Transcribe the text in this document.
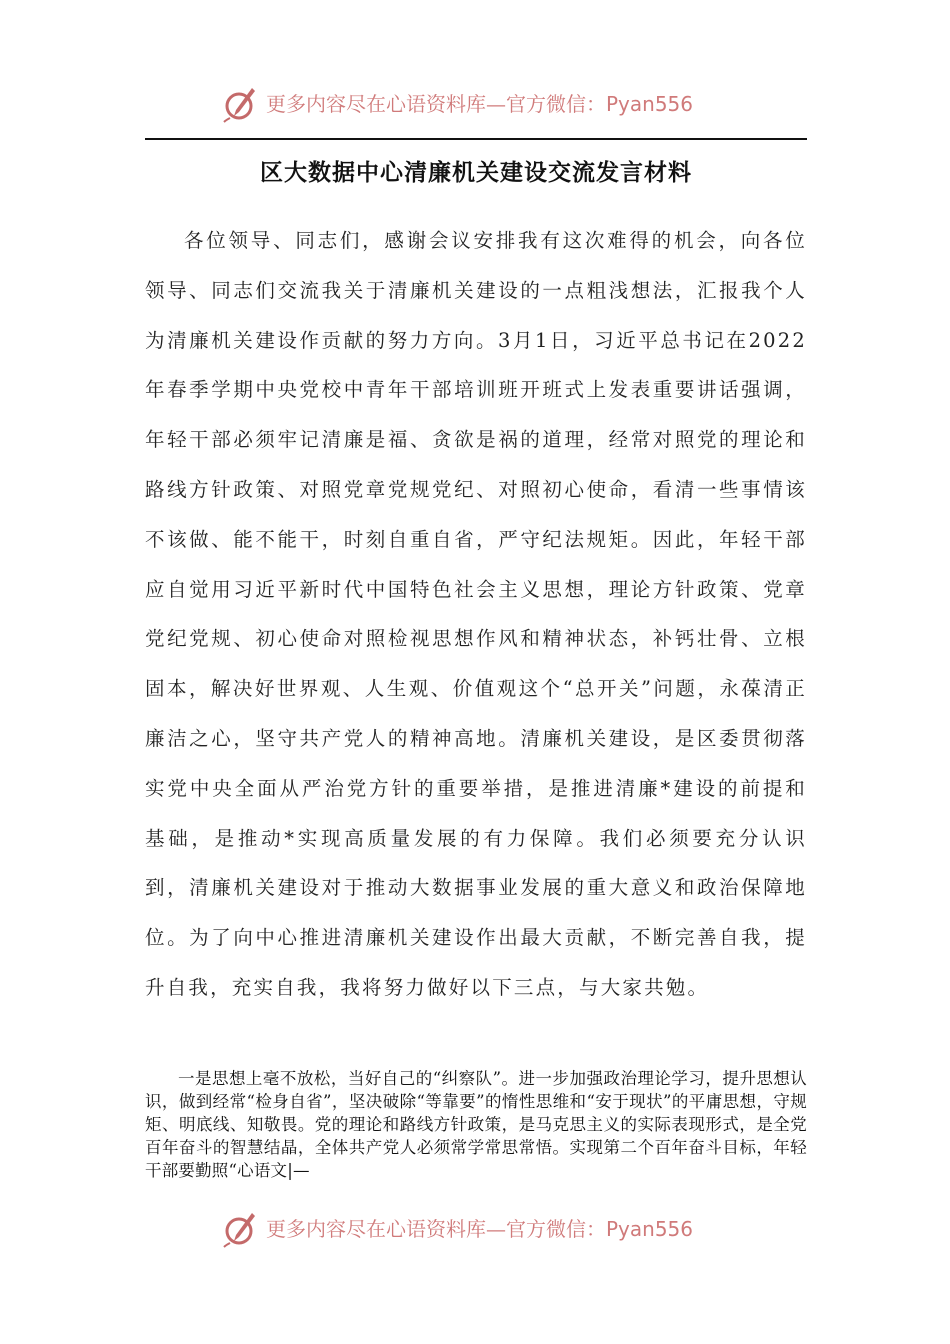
更多内容尽在心语资料库—官方微信：Pyan556
区大数据中心清廉机关建设交流发言材料

各位领导、同志们，感谢会议安排我有这次难得的机会，向各位领导、同志们交流我关于清廉机关建设的一点粗浅想法，汇报我个人为清廉机关建设作贡献的努力方向。3月1日，习近平总书记在2022年春季学期中央党校中青年干部培训班开班式上发表重要讲话强调，年轻干部必须牢记清廉是福、贪欲是祸的道理，经常对照党的理论和路线方针政策、对照党章党规党纪、对照初心使命，看清一些事情该不该做、能不能干，时刻自重自省，严守纪法规矩。因此，年轻干部应自觉用习近平新时代中国特色社会主义思想，理论方针政策、党章党纪党规、初心使命对照检视思想作风和精神状态，补钙壮骨、立根固本，解决好世界观、人生观、价值观这个“总开关”问题，永葆清正廉洁之心，坚守共产党人的精神高地。清廉机关建设，是区委贯彻落实党中央全面从严治党方针的重要举措，是推进清廉*建设的前提和基础，是推动*实现高质量发展的有力保障。我们必须要充分认识到，清廉机关建设对于推动大数据事业发展的重大意义和政治保障地位。为了向中心推进清廉机关建设作出最大贡献，不断完善自我，提升自我，充实自我，我将努力做好以下三点，与大家共勉。

一是思想上毫不放松，当好自己的“纠察队”。进一步加强政治理论学习，提升思想认识，做到经常“检身自省”，坚决破除“等靠要”的惰性思维和“安于现状”的平庸思想，守规矩、明底线、知敬畏。党的理论和路线方针政策，是马克思主义的实际表现形式，是全党百年奋斗的智慧结晶，全体共产党人必须常学常思常悟。实现第二个百年奋斗目标，年轻干部要勤照“心语文|—

更多内容尽在心语资料库—官方微信：Pyan556
